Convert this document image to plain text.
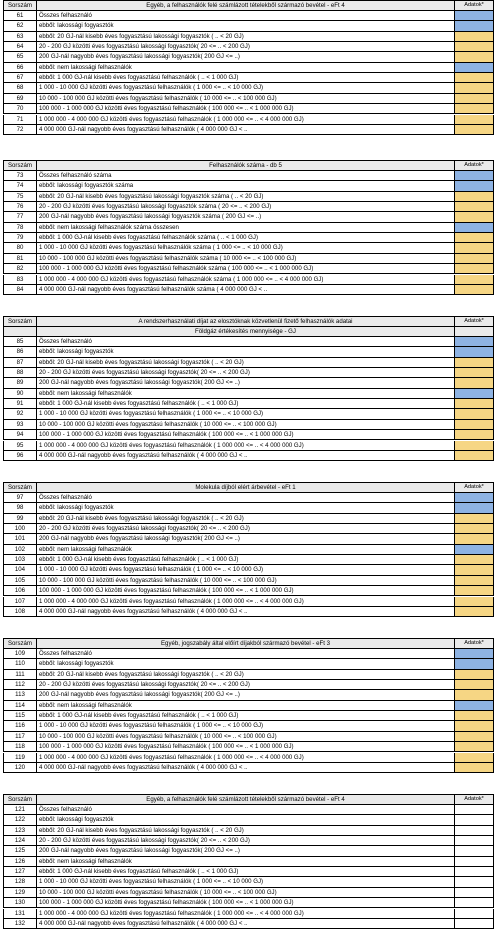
Sorszám	Egyéb, a felhasználók felé számlázott tételekből származó bevétel - eFt 4	Adatok*
61	Összes felhasználó
62	ebből: lakossági fogyasztók
63	ebből: 20 GJ-nál kisebb éves fogyasztású lakossági fogyasztók ( .. < 20 GJ)
64	20 - 200 GJ közötti éves fogyasztású lakossági fogyasztók( 20 <= .. < 200 GJ)
65	200 GJ-nál nagyobb éves fogyasztású lakossági fogyasztók( 200 GJ <= ..)
66	ebből: nem lakossági felhasználók
67	ebből: 1 000 GJ-nál kisebb éves fogyasztású felhasználók ( .. < 1 000 GJ)
68	1 000 - 10 000 GJ közötti éves fogyasztású felhasználók ( 1 000 <= .. < 10 000 GJ)
69	10 000 - 100 000 GJ közötti éves fogyasztású felhasználók ( 10 000 <= .. < 100 000 GJ)
70	100 000 - 1 000 000 GJ közötti éves fogyasztású felhasználók ( 100 000 <= .. < 1 000 000 GJ)
71	1 000 000 - 4 000 000 GJ közötti éves fogyasztású felhasználók ( 1 000 000 <= .. < 4 000 000 GJ)
72	4 000 000 GJ-nál nagyobb éves fogyasztású felhasználók ( 4 000 000 GJ < ..
Sorszám	Felhasználók száma - db 5	Adatok*
73	Összes felhasználó száma
74	ebből: lakossági fogyasztók száma
75	ebből: 20 GJ-nál kisebb éves fogyasztású lakossági fogyasztók száma ( .. < 20 GJ)
76	20 - 200 GJ közötti éves fogyasztású lakossági fogyasztók száma ( 20 <= .. < 200 GJ)
77	200 GJ-nál nagyobb éves fogyasztású lakossági fogyasztók száma ( 200 GJ <= ..)
78	ebből: nem lakossági felhasználók száma összesen
79	ebből: 1 000 GJ-nál kisebb éves fogyasztású felhasználók száma ( .. < 1 000 GJ)
80	1 000 - 10 000 GJ közötti éves fogyasztású felhasználók száma ( 1 000 <= .. < 10 000 GJ)
81	10 000 - 100 000 GJ közötti éves fogyasztású felhasználók száma ( 10 000 <= .. < 100 000 GJ)
82	100 000 - 1 000 000 GJ közötti éves fogyasztású felhasználók száma ( 100 000 <= .. < 1 000 000 GJ)
83	1 000 000 - 4 000 000 GJ közötti éves fogyasztású felhasználók száma ( 1 000 000 <= .. < 4 000 000 GJ)
84	4 000 000 GJ-nál nagyobb éves fogyasztású felhasználók száma ( 4 000 000 GJ < ..
Sorszám	A rendszerhasználati díjat az elosztóknak közvetlenül fizető felhasználók adatai	Adatok*
Földgáz értékesítés mennyisége - GJ
85	Összes felhasználó
86	ebből: lakossági fogyasztók
87	ebből: 20 GJ-nál kisebb éves fogyasztású lakossági fogyasztók ( .. < 20 GJ)
88	20 - 200 GJ közötti éves fogyasztású lakossági fogyasztók( 20 <= .. < 200 GJ)
89	200 GJ-nál nagyobb éves fogyasztású lakossági fogyasztók( 200 GJ <= ..)
90	ebből: nem lakossági felhasználók
91	ebből: 1 000 GJ-nál kisebb éves fogyasztású felhasználók ( .. < 1 000 GJ)
92	1 000 - 10 000 GJ közötti éves fogyasztású felhasználók ( 1 000 <= .. < 10 000 GJ)
93	10 000 - 100 000 GJ közötti éves fogyasztású felhasználók ( 10 000 <= .. < 100 000 GJ)
94	100 000 - 1 000 000 GJ közötti éves fogyasztású felhasználók ( 100 000 <= .. < 1 000 000 GJ)
95	1 000 000 - 4 000 000 GJ közötti éves fogyasztású felhasználók ( 1 000 000 <= .. < 4 000 000 GJ)
96	4 000 000 GJ-nál nagyobb éves fogyasztású felhasználók ( 4 000 000 GJ < ..
Sorszám	Molekula díjból elért árbevétel - eFt 1	Adatok*
97	Összes felhasználó
98	ebből: lakossági fogyasztók
99	ebből: 20 GJ-nál kisebb éves fogyasztású lakossági fogyasztók ( .. < 20 GJ)
100	20 - 200 GJ közötti éves fogyasztású lakossági fogyasztók( 20 <= .. < 200 GJ)
101	200 GJ-nál nagyobb éves fogyasztású lakossági fogyasztók( 200 GJ <= ..)
102	ebből: nem lakossági felhasználók
103	ebből: 1 000 GJ-nál kisebb éves fogyasztású felhasználók ( .. < 1 000 GJ)
104	1 000 - 10 000 GJ közötti éves fogyasztású felhasználók ( 1 000 <= .. < 10 000 GJ)
105	10 000 - 100 000 GJ közötti éves fogyasztású felhasználók ( 10 000 <= .. < 100 000 GJ)
106	100 000 - 1 000 000 GJ közötti éves fogyasztású felhasználók ( 100 000 <= .. < 1 000 000 GJ)
107	1 000 000 - 4 000 000 GJ közötti éves fogyasztású felhasználók ( 1 000 000 <= .. < 4 000 000 GJ)
108	4 000 000 GJ-nál nagyobb éves fogyasztású felhasználók ( 4 000 000 GJ < ..
Sorszám	Egyéb, jogszabály által előírt díjakból származó bevétel - eFt 3	Adatok*
109	Összes felhasználó
110	ebből: lakossági fogyasztók
111	ebből: 20 GJ-nál kisebb éves fogyasztású lakossági fogyasztók ( .. < 20 GJ)
112	20 - 200 GJ közötti éves fogyasztású lakossági fogyasztók( 20 <= .. < 200 GJ)
113	200 GJ-nál nagyobb éves fogyasztású lakossági fogyasztók( 200 GJ <= ..)
114	ebből: nem lakossági felhasználók
115	ebből: 1 000 GJ-nál kisebb éves fogyasztású felhasználók ( .. < 1 000 GJ)
116	1 000 - 10 000 GJ közötti éves fogyasztású felhasználók ( 1 000 <= .. < 10 000 GJ)
117	10 000 - 100 000 GJ közötti éves fogyasztású felhasználók ( 10 000 <= .. < 100 000 GJ)
118	100 000 - 1 000 000 GJ közötti éves fogyasztású felhasználók ( 100 000 <= .. < 1 000 000 GJ)
119	1 000 000 - 4 000 000 GJ közötti éves fogyasztású felhasználók ( 1 000 000 <= .. < 4 000 000 GJ)
120	4 000 000 GJ-nál nagyobb éves fogyasztású felhasználók ( 4 000 000 GJ < ..
Sorszám	Egyéb, a felhasználók felé számlázott tételekből származó bevétel - eFt 4	Adatok*
121	Összes felhasználó
122	ebből: lakossági fogyasztók
123	ebből: 20 GJ-nál kisebb éves fogyasztású lakossági fogyasztók ( .. < 20 GJ)
124	20 - 200 GJ közötti éves fogyasztású lakossági fogyasztók( 20 <= .. < 200 GJ)
125	200 GJ-nál nagyobb éves fogyasztású lakossági fogyasztók( 200 GJ <= ..)
126	ebből: nem lakossági felhasználók
127	ebből: 1 000 GJ-nál kisebb éves fogyasztású felhasználók ( .. < 1 000 GJ)
128	1 000 - 10 000 GJ közötti éves fogyasztású felhasználók ( 1 000 <= .. < 10 000 GJ)
129	10 000 - 100 000 GJ közötti éves fogyasztású felhasználók ( 10 000 <= .. < 100 000 GJ)
130	100 000 - 1 000 000 GJ közötti éves fogyasztású felhasználók ( 100 000 <= .. < 1 000 000 GJ)
131	1 000 000 - 4 000 000 GJ közötti éves fogyasztású felhasználók ( 1 000 000 <= .. < 4 000 000 GJ)
132	4 000 000 GJ-nál nagyobb éves fogyasztású felhasználók ( 4 000 000 GJ < ..
